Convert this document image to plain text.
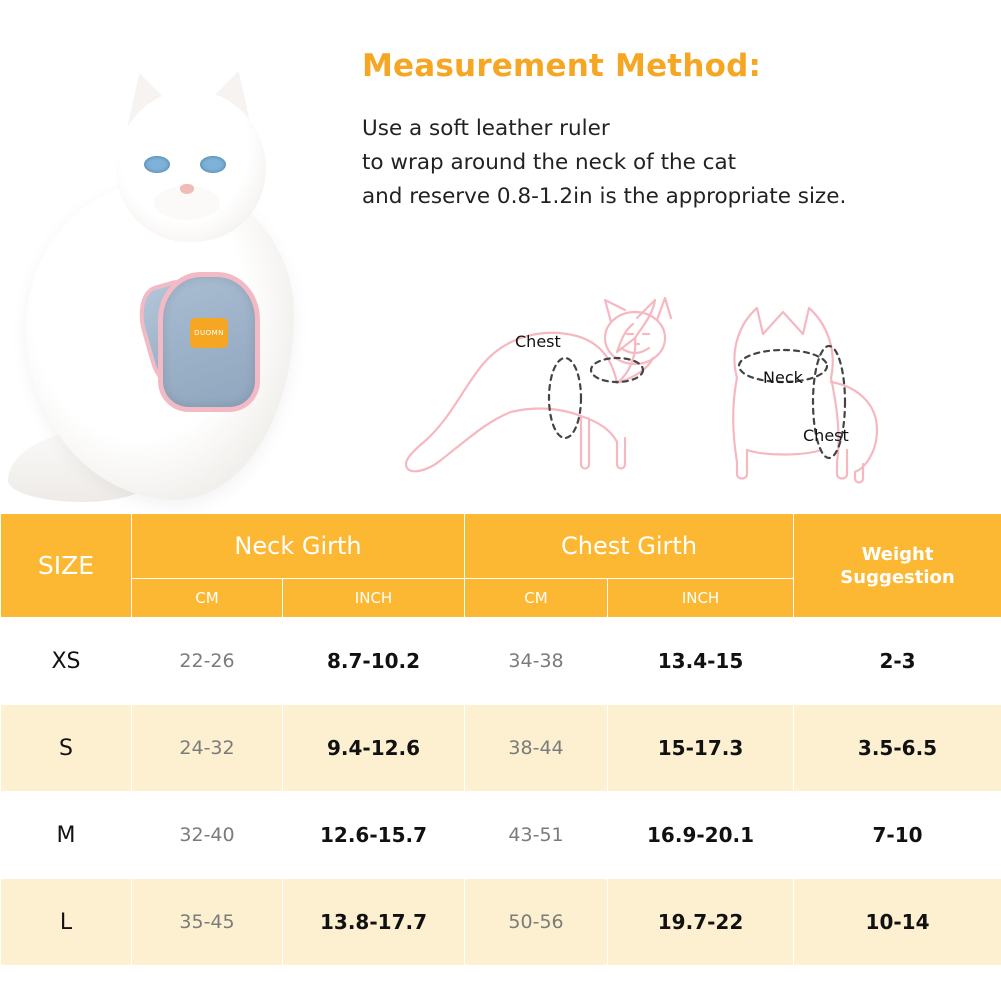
DUOMN
Measurement Method:
Use a soft leather ruler
to wrap around the neck of the cat
and reserve 0.8-1.2in is the appropriate size.
Chest
Neck
Chest
SIZE	Neck Girth		Chest Girth		Weight
Suggestion

	CM	INCH	CM	INCH	
XS	22-26	8.7-10.2	34-38	13.4-15	2-3
S	24-32	9.4-12.6	38-44	15-17.3	3.5-6.5
M	32-40	12.6-15.7	43-51	16.9-20.1	7-10
L	35-45	13.8-17.7	50-56	19.7-22	10-14
